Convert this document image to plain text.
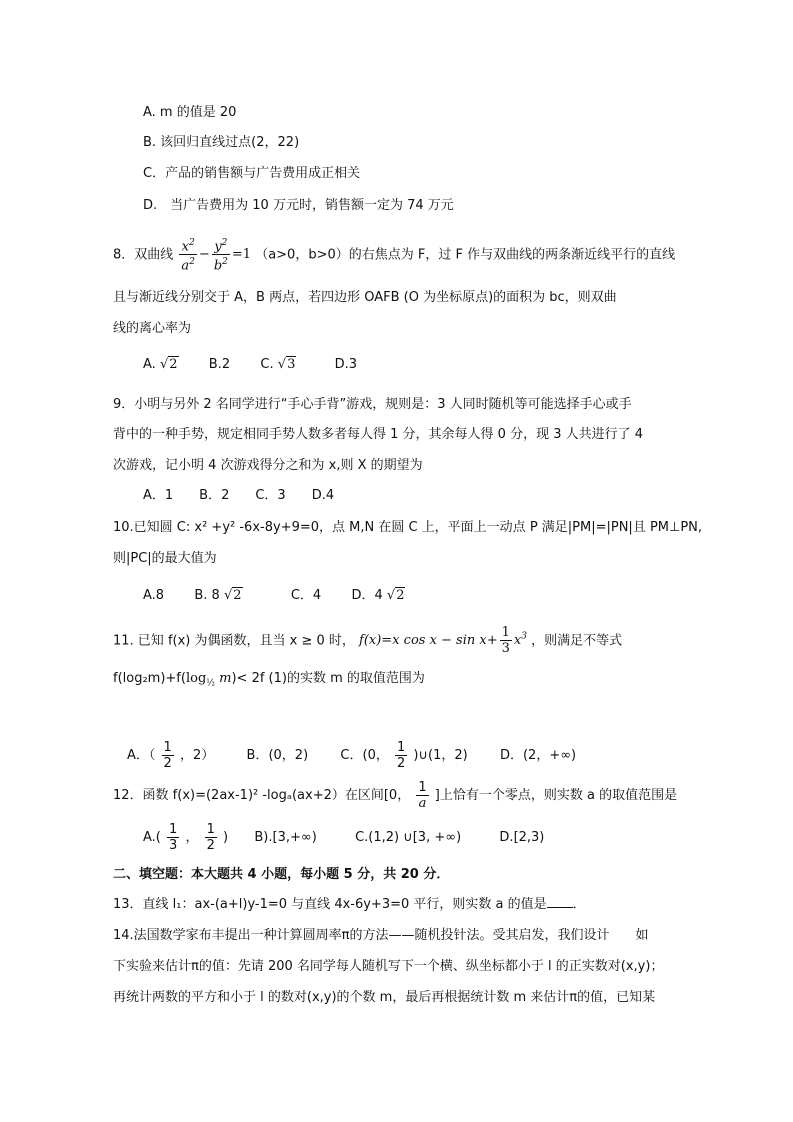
A. m 的值是 20
B. 该回归直线过点(2，22)
C．产品的销售额与广告费用成正相关
D.　当广告费用为 10 万元时，销售额一定为 74 万元
8．双曲线 $\frac{x^2}{a^2} - \frac{y^2}{b^2} =1$ （a>0，b>0）的右焦点为 F，过 F 作与双曲线的两条渐近线平行的直线
且与渐近线分别交于 A，B 两点，若四边形 OAFB (O 为坐标原点)的面积为 bc，则双曲
线的离心率为
A. √2 B.2 C. √3	D.3
9．小明与另外 2 名同学进行“手心手背”游戏，规则是：3 人同时随机等可能选择手心或手
背中的一种手势，规定相同手势人数多者每人得 1 分，其余每人得 0 分，现 3 人共进行了 4
次游戏，记小明 4 次游戏得分之和为 x,则 X 的期望为
A．1　　B．2　　C．3　　D.4
10.已知圆 C: x² +y² -6x-8y+9=0，点 M,N 在圆 C 上，平面上一动点 P 满足|PM|=|PN|且 PM⊥PN,
则|PC|的最大值为
A.8 B. 8 √2	C．4 D．4 √2
11. 已知 f(x) 为偶函数，且当 x ≥ 0 时， f(x)=x $\cos x - \sin x+ \frac{1}{3} x^3$ ，则满足不等式
$f(\log_2m)+f(\log_{\frac{1}{2}}$ m)< 2f (1)的实数 m 的取值范围为
A．（ $\frac{1}{2}$ ，2） B．(0，2) C．(0， $\frac{1}{2}$ )∪(1，2) D．(2，+∞)
12．函数 f(x)=(2ax-1)² -logₐ(ax+2）在区间[0， $\frac{1}{a}$ ]上恰有一个零点，则实数 a 的取值范围是
$A.( \frac{1}{3}$ ， $\frac{1}{2}$ ) B).[3,+∞)	C.(1,2) ∪[3, +∞)	D.[2,3)
二、填空题：本大题共 4 小题，每小题 5 分，共 20 分．
13．直线 l₁：ax-(a+l)y-1=0 与直线 4x-6y+3=0 平行，则实数 a 的值是 ．
14.法国数学家布丰提出一种计算圆周率π的方法——随机投针法。受其启发，我们设计　　如
下实验来估计π的值：先请 200 名同学每人随机写下一个横、纵坐标都小于 l 的正实数对(x,y)；
再统计两数的平方和小于 l 的数对(x,y)的个数 m，最后再根据统计数 m 来估计π的值，已知某
